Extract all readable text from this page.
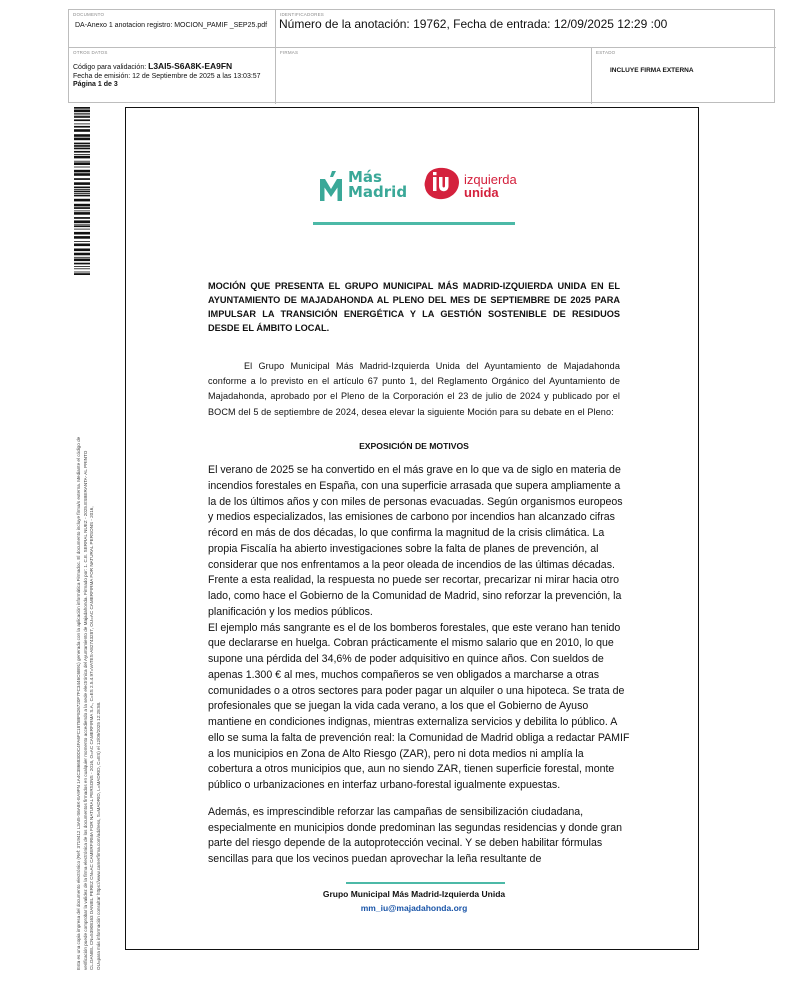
DOCUMENTO
DA-Anexo 1 anotacion registro: MOCION_PAMIF _SEP25.pdf
IDENTIFICADORES
Número de la anotación: 19762, Fecha de entrada: 12/09/2025 12:29 :00
OTROS DATOS
Código para validación: L3AI5-S6A8K-EA9FN
Fecha de emisión: 12 de Septiembre de 2025 a las 13:03:57
Página 1 de 3
FIRMAS	ESTADO
INCLUYE FIRMA EXTERNA

Esta es una copia impresa del documento electrónico (Ref: 3719412 L3AI5-S6A8K-EA9FN 1A4C3866830DC4FA6FC1875BF826720F7FC3446C6B91) generada con la aplicación informática Firmadoc. El documento incluye firma/s externa. Mediante el código de verificación puede comprobar la validez de la firma electrónica de los documentos firmados en cualquier momento accediendo a la sede electrónica del Ayuntamiento de Majadahonda. Firmado por: 1. C.E. SERRAL NUEZ - 2025.ESBERANTA- AL PRINTO CL.DANIEL CN=53908163 DANIEL PEREZ CN=AC CAMERFIRMA FOR NATURAL PERSONS - 2016, O=AC CAMERFIRMA S.A., C=ES 2.5.4.97=VATES-A82743287, OU=AC CAMERFIRMA FOR NATURAL PERSONS - 2016, OU=para más información consultar https://www.camerfirma.com/address, S=MADRID, L=MADRID, C=ES) el 12/09/2025 12:28:58.

Más
Madrid
izquierda
unida
MOCIÓN QUE PRESENTA EL GRUPO MUNICIPAL MÁS MADRID-IZQUIERDA UNIDA EN EL AYUNTAMIENTO DE MAJADAHONDA AL PLENO DEL MES DE SEPTIEMBRE DE 2025 PARA IMPULSAR LA TRANSICIÓN ENERGÉTICA Y LA GESTIÓN SOSTENIBLE DE RESIDUOS DESDE EL ÁMBITO LOCAL.
El Grupo Municipal Más Madrid-Izquierda Unida del Ayuntamiento de Majadahonda conforme a lo previsto en el artículo 67 punto 1, del Reglamento Orgánico del Ayuntamiento de Majadahonda, aprobado por el Pleno de la Corporación el 23 de julio de 2024 y publicado por el BOCM del 5 de septiembre de 2024, desea elevar la siguiente Moción para su debate en el Pleno:
EXPOSICIÓN DE MOTIVOS

El verano de 2025 se ha convertido en el más grave en lo que va de siglo en materia de incendios forestales en España, con una superficie arrasada que supera ampliamente a la de los últimos años y con miles de personas evacuadas. Según organismos europeos y medios especializados, las emisiones de carbono por incendios han alcanzado cifras récord en más de dos décadas, lo que confirma la magnitud de la crisis climática. La propia Fiscalía ha abierto investigaciones sobre la falta de planes de prevención, al considerar que nos enfrentamos a la peor oleada de incendios de las últimas décadas. Frente a esta realidad, la respuesta no puede ser recortar, precarizar ni mirar hacia otro lado, como hace el Gobierno de la Comunidad de Madrid, sino reforzar la prevención, la planificación y los medios públicos.

El ejemplo más sangrante es el de los bomberos forestales, que este verano han tenido que declararse en huelga. Cobran prácticamente el mismo salario que en 2010, lo que supone una pérdida del 34,6% de poder adquisitivo en quince años. Con sueldos de apenas 1.300 € al mes, muchos compañeros se ven obligados a marcharse a otras comunidades o a otros sectores para poder pagar un alquiler o una hipoteca. Se trata de profesionales que se juegan la vida cada verano, a los que el Gobierno de Ayuso mantiene en condiciones indignas, mientras externaliza servicios y debilita lo público. A ello se suma la falta de prevención real: la Comunidad de Madrid obliga a redactar PAMIF a los municipios en Zona de Alto Riesgo (ZAR), pero ni dota medios ni amplía la cobertura a otros municipios que, aun no siendo ZAR, tienen superficie forestal, monte público o urbanizaciones en interfaz urbano-forestal igualmente expuestas.

Además, es imprescindible reforzar las campañas de sensibilización ciudadana, especialmente en municipios donde predominan las segundas residencias y donde gran parte del riesgo depende de la autoprotección vecinal. Y se deben habilitar fórmulas sencillas para que los vecinos puedan aprovechar la leña resultante de

Grupo Municipal Más Madrid-Izquierda Unida
mm_iu@majadahonda.org
